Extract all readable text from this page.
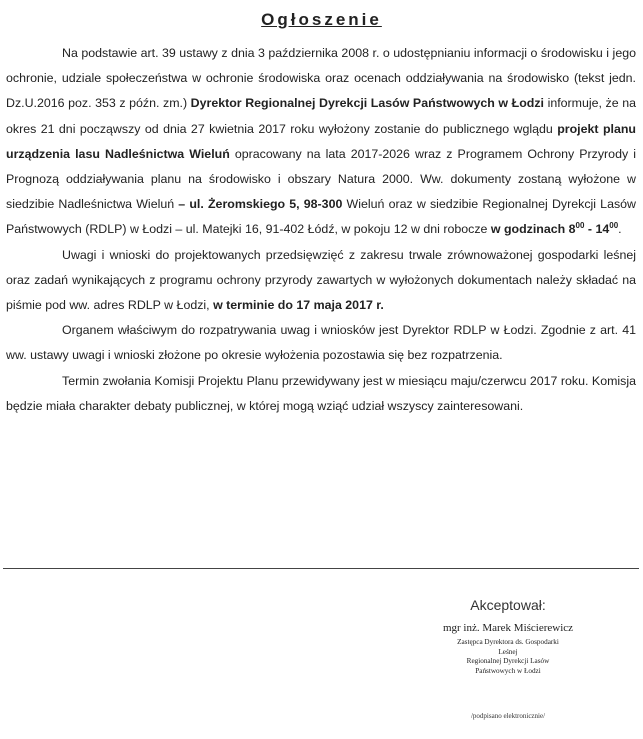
Ogłoszenie

Na podstawie art. 39 ustawy z dnia 3 października 2008 r. o udostępnianiu informacji o środowisku i jego ochronie, udziale społeczeństwa w ochronie środowiska oraz ocenach oddziaływania na środowisko (tekst jedn. Dz.U.2016 poz. 353 z późn. zm.) Dyrektor Regionalnej Dyrekcji Lasów Państwowych w Łodzi informuje, że na okres 21 dni począwszy od dnia 27 kwietnia 2017 roku wyłożony zostanie do publicznego wglądu projekt planu urządzenia lasu Nadleśnictwa Wieluń opracowany na lata 2017-2026 wraz z Programem Ochrony Przyrody i Prognozą oddziaływania planu na środowisko i obszary Natura 2000. Ww. dokumenty zostaną wyłożone w siedzibie Nadleśnictwa Wieluń – ul. Żeromskiego 5, 98-300 Wieluń oraz w siedzibie Regionalnej Dyrekcji Lasów Państwowych (RDLP) w Łodzi – ul. Matejki 16, 91-402 Łódź, w pokoju 12 w dni robocze w godzinach $8^{00} - 14^{00}$.

Uwagi i wnioski do projektowanych przedsięwzięć z zakresu trwale zrównoważonej gospodarki leśnej oraz zadań wynikających z programu ochrony przyrody zawartych w wyłożonych dokumentach należy składać na piśmie pod ww. adres RDLP w Łodzi, w terminie do 17 maja 2017 r.

Organem właściwym do rozpatrywania uwag i wniosków jest Dyrektor RDLP w Łodzi. Zgodnie z art. 41 ww. ustawy uwagi i wnioski złożone po okresie wyłożenia pozostawia się bez rozpatrzenia.

Termin zwołania Komisji Projektu Planu przewidywany jest w miesiącu maju/czerwcu 2017 roku. Komisja będzie miała charakter debaty publicznej, w której mogą wziąć udział wszyscy zainteresowani.

Akceptował:
mgr inż. Marek Miścierewicz
Zastępca Dyrektora ds. Gospodarki
Leśnej
Regionalnej Dyrekcji Lasów
Państwowych w Łodzi
/podpisano elektronicznie/
